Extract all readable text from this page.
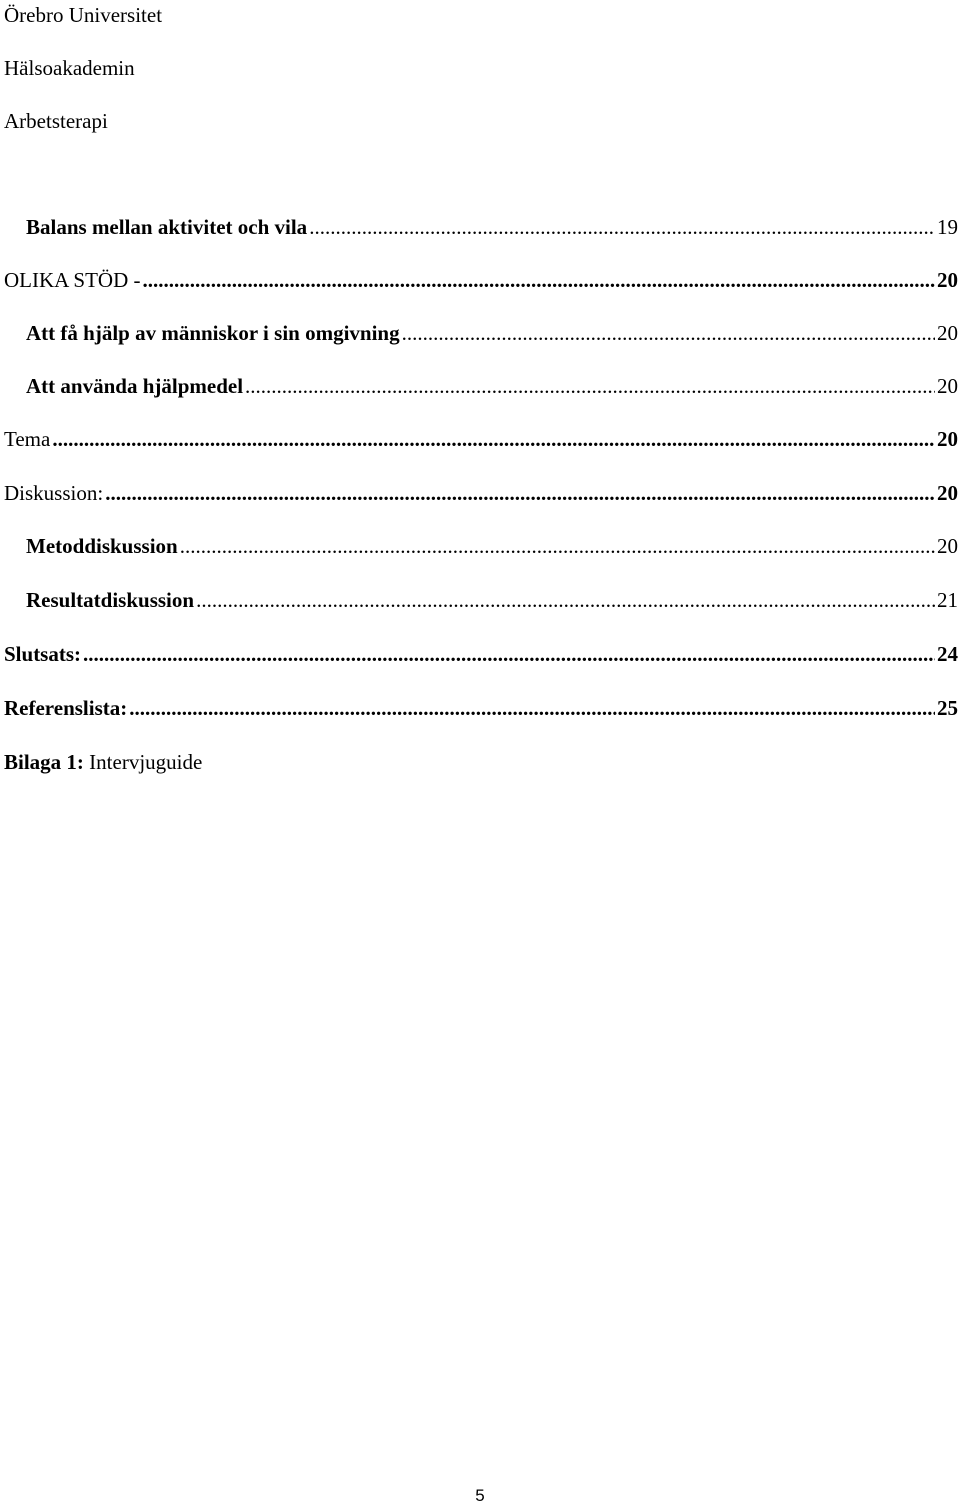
Örebro Universitet
Hälsoakademin
Arbetsterapi
Balans mellan aktivitet och vila .....	19
OLIKA STÖD - .....	20
Att få hjälp av människor i sin omgivning .....	20
Att använda hjälpmedel .....	20
Tema .....	20
Diskussion: .....	20
Metoddiskussion .....	20
Resultatdiskussion .....	21
Slutsats: .....	24
Referenslista: .....	25
Bilaga 1: Intervjuguide
5
